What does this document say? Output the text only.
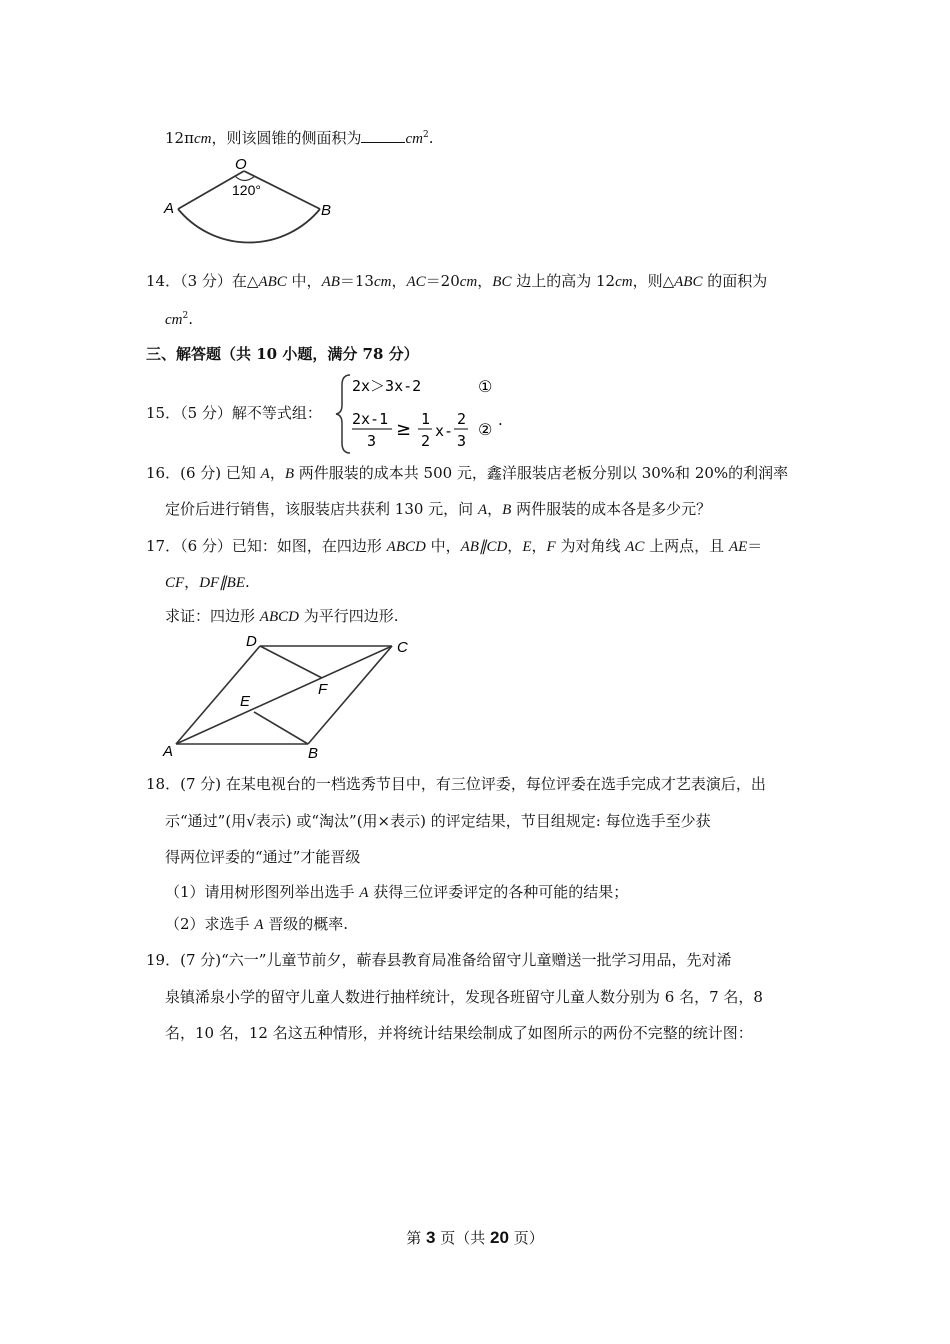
12πcm，则该圆锥的侧面积为	$cm^2$.
O
120°
A	B
14．（3 分）在△ABC 中，AB＝13cm，AC＝20cm，BC 边上的高为 12cm，则△ABC 的面积为
$cm^2$.
三、解答题（共 10 小题，满分 78 分）
15．（5 分）解不等式组：
2x＞3x-2	①
2x-1
3
≥ 1
2
x-
2
3
② .
16．(6 分) 已知 A，B 两件服装的成本共 500 元，鑫洋服装店老板分别以 30%和 20%的利润率
定价后进行销售，该服装店共获利 130 元，问 A，B 两件服装的成本各是多少元？
17．（6 分）已知：如图，在四边形 ABCD 中，AB∥CD，E，F 为对角线 AC 上两点，且 AE＝
CF，DF∥BE.
求证：四边形 ABCD 为平行四边形.
A	B
C
D
E
F
18．(7 分) 在某电视台的一档选秀节目中，有三位评委，每位评委在选手完成才艺表演后，出
示“通过”(用√表示) 或“淘汰”(用×表示) 的评定结果，节目组规定: 每位选手至少获
得两位评委的“通过”才能晋级
（1）请用树形图列举出选手 A 获得三位评委评定的各种可能的结果；
（2）求选手 A 晋级的概率.
19．(7 分)“六一”儿童节前夕，蕲春县教育局准备给留守儿童赠送一批学习用品，先对浠
泉镇浠泉小学的留守儿童人数进行抽样统计，发现各班留守儿童人数分别为 6 名，7 名，8
名，10 名，12 名这五种情形，并将统计结果绘制成了如图所示的两份不完整的统计图：
第 3 页（共 20 页）
